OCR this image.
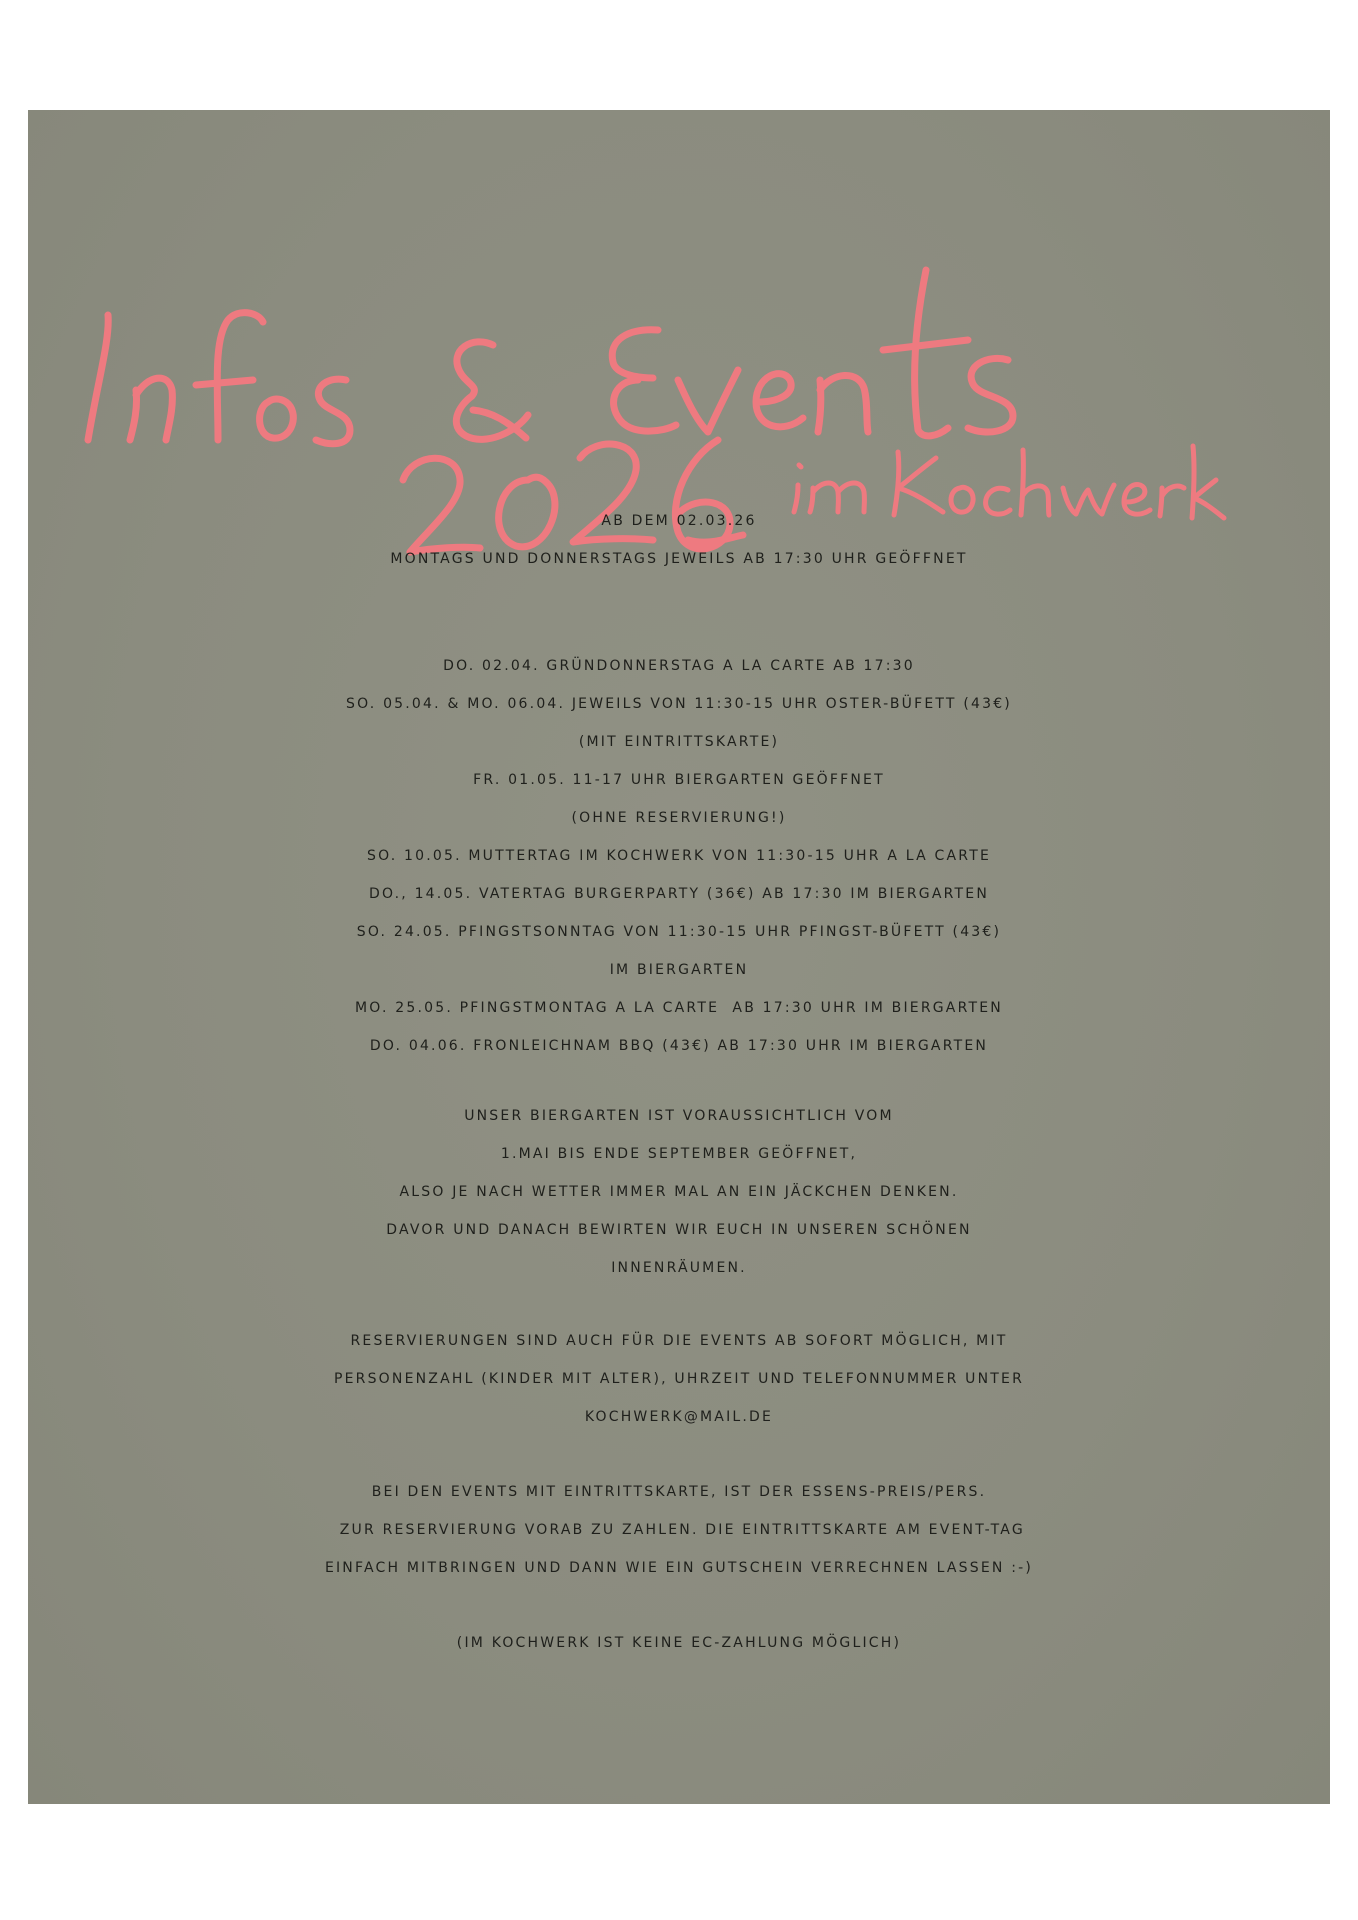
AB DEM 02.03.26
MONTAGS UND DONNERSTAGS JEWEILS AB 17:30 UHR GEÖFFNET
DO. 02.04. GRÜNDONNERSTAG A LA CARTE AB 17:30
SO. 05.04. & MO. 06.04. JEWEILS VON 11:30-15 UHR OSTER-BÜFETT (43€)
(MIT EINTRITTSKARTE)
FR. 01.05. 11-17 UHR BIERGARTEN GEÖFFNET
(OHNE RESERVIERUNG!)
SO. 10.05. MUTTERTAG IM KOCHWERK VON 11:30-15 UHR A LA CARTE
DO., 14.05. VATERTAG BURGERPARTY (36€) AB 17:30 IM BIERGARTEN
SO. 24.05. PFINGSTSONNTAG VON 11:30-15 UHR PFINGST-BÜFETT (43€)
IM BIERGARTEN
MO. 25.05. PFINGSTMONTAG A LA CARTE  AB 17:30 UHR IM BIERGARTEN
DO. 04.06. FRONLEICHNAM BBQ (43€) AB 17:30 UHR IM BIERGARTEN
UNSER BIERGARTEN IST VORAUSSICHTLICH VOM
1.MAI BIS ENDE SEPTEMBER GEÖFFNET,
ALSO JE NACH WETTER IMMER MAL AN EIN JÄCKCHEN DENKEN.
DAVOR UND DANACH BEWIRTEN WIR EUCH IN UNSEREN SCHÖNEN
INNENRÄUMEN.
RESERVIERUNGEN SIND AUCH FÜR DIE EVENTS AB SOFORT MÖGLICH, MIT
PERSONENZAHL (KINDER MIT ALTER), UHRZEIT UND TELEFONNUMMER UNTER
KOCHWERK@MAIL.DE
BEI DEN EVENTS MIT EINTRITTSKARTE, IST DER ESSENS-PREIS/PERS.
ZUR RESERVIERUNG VORAB ZU ZAHLEN. DIE EINTRITTSKARTE AM EVENT-TAG
EINFACH MITBRINGEN UND DANN WIE EIN GUTSCHEIN VERRECHNEN LASSEN :-)
(IM KOCHWERK IST KEINE EC-ZAHLUNG MÖGLICH)
